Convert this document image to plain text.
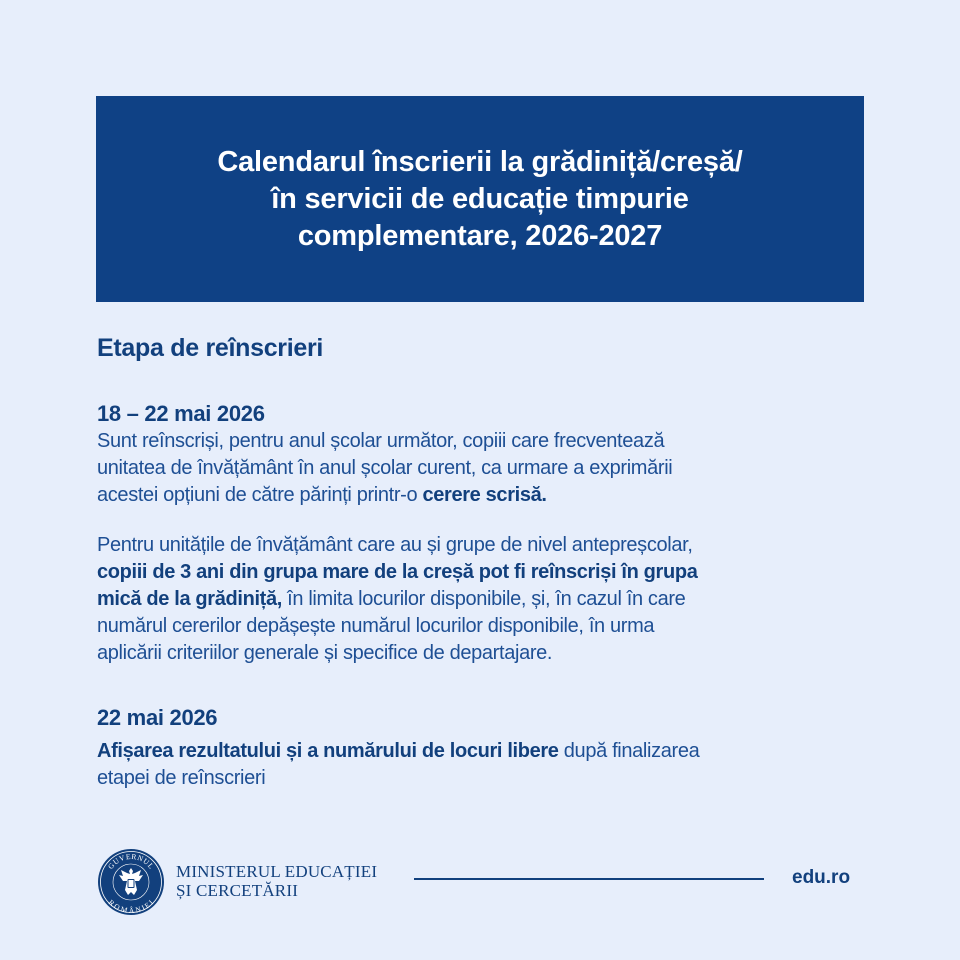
Calendarul înscrierii la grădiniță/creșă/
în servicii de educație timpurie
complementare, 2026-2027
Etapa de reînscrieri
18 – 22 mai 2026

Sunt reînscriși, pentru anul școlar următor, copiii care frecventează
unitatea de învățământ în anul școlar curent, ca urmare a exprimării
acestei opțiuni de către părinți printr-o cerere scrisă.

Pentru unitățile de învățământ care au și grupe de nivel antepreșcolar,
copiii de 3 ani din grupa mare de la creșă pot fi reînscriși în grupa
mică de la grădiniță, în limita locurilor disponibile, și, în cazul în care
numărul cererilor depășește numărul locurilor disponibile, în urma
aplicării criteriilor generale și specifice de departajare.

22 mai 2026

Afișarea rezultatului și a numărului de locuri libere după finalizarea
etapei de reînscrieri

GUVERNUL
ROMÂNIEI

MINISTERUL EDUCAȚIEI
ȘI CERCETĂRII

edu.ro
